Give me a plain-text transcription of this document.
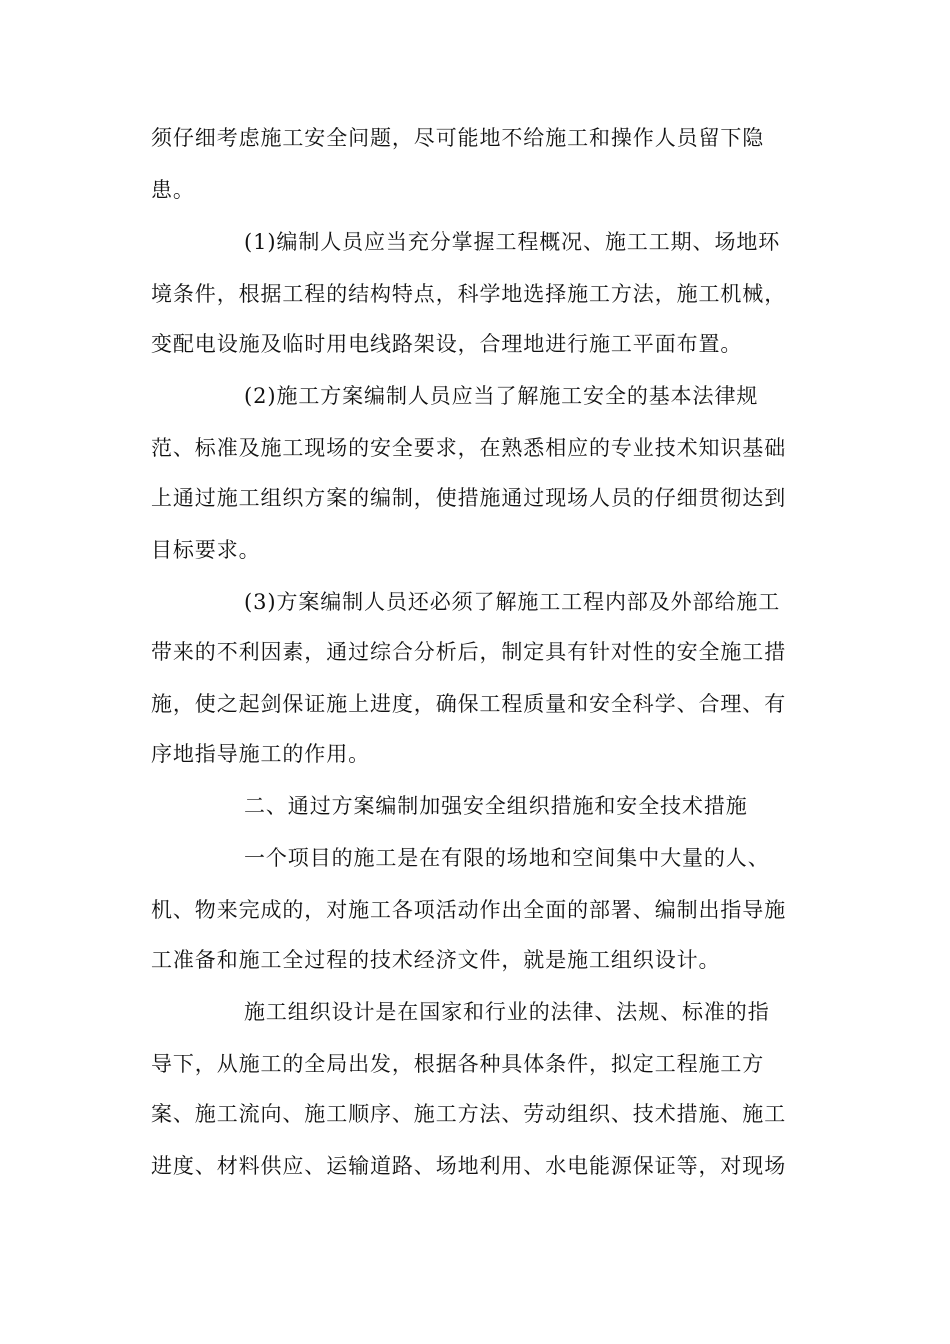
须仔细考虑施工安全问题，尽可能地不给施工和操作人员留下隐
患。
(1)编制人员应当充分掌握工程概况、施工工期、场地环
境条件，根据工程的结构特点，科学地选择施工方法，施工机械，
变配电设施及临时用电线路架设，合理地进行施工平面布置。
(2)施工方案编制人员应当了解施工安全的基本法律规
范、标准及施工现场的安全要求，在熟悉相应的专业技术知识基础
上通过施工组织方案的编制，使措施通过现场人员的仔细贯彻达到
目标要求。
(3)方案编制人员还必须了解施工工程内部及外部给施工
带来的不利因素，通过综合分析后，制定具有针对性的安全施工措
施，使之起剑保证施上进度，确保工程质量和安全科学、合理、有
序地指导施工的作用。
二、通过方案编制加强安全组织措施和安全技术措施
一个项目的施工是在有限的场地和空间集中大量的人、
机、物来完成的，对施工各项活动作出全面的部署、编制出指导施
工准备和施工全过程的技术经济文件，就是施工组织设计。
施工组织设计是在国家和行业的法律、法规、标准的指
导下，从施工的全局出发，根据各种具体条件，拟定工程施工方
案、施工流向、施工顺序、施工方法、劳动组织、技术措施、施工
进度、材料供应、运输道路、场地利用、水电能源保证等，对现场
